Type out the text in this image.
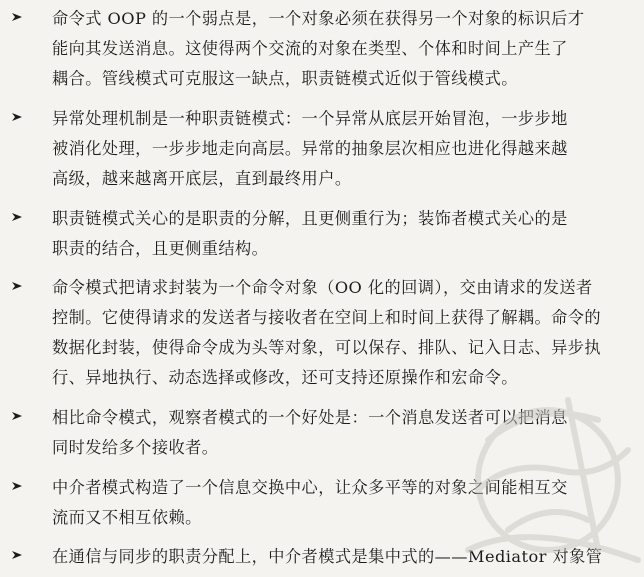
命令式 OOP 的一个弱点是，一个对象必须在获得另一个对象的标识后才
能向其发送消息。这使得两个交流的对象在类型、个体和时间上产生了
耦合。管线模式可克服这一缺点，职责链模式近似于管线模式。
异常处理机制是一种职责链模式：一个异常从底层开始冒泡，一步步地
被消化处理，一步步地走向高层。异常的抽象层次相应也进化得越来越
高级，越来越离开底层，直到最终用户。
职责链模式关心的是职责的分解，且更侧重行为；装饰者模式关心的是
职责的结合，且更侧重结构。
命令模式把请求封装为一个命令对象（OO 化的回调），交由请求的发送者
控制。它使得请求的发送者与接收者在空间上和时间上获得了解耦。命令的
数据化封装，使得命令成为头等对象，可以保存、排队、记入日志、异步执
行、异地执行、动态选择或修改，还可支持还原操作和宏命令。
相比命令模式，观察者模式的一个好处是：一个消息发送者可以把消息
同时发给多个接收者。
中介者模式构造了一个信息交换中心，让众多平等的对象之间能相互交
流而又不相互依赖。
在通信与同步的职责分配上，中介者模式是集中式的——Mediator 对象管
